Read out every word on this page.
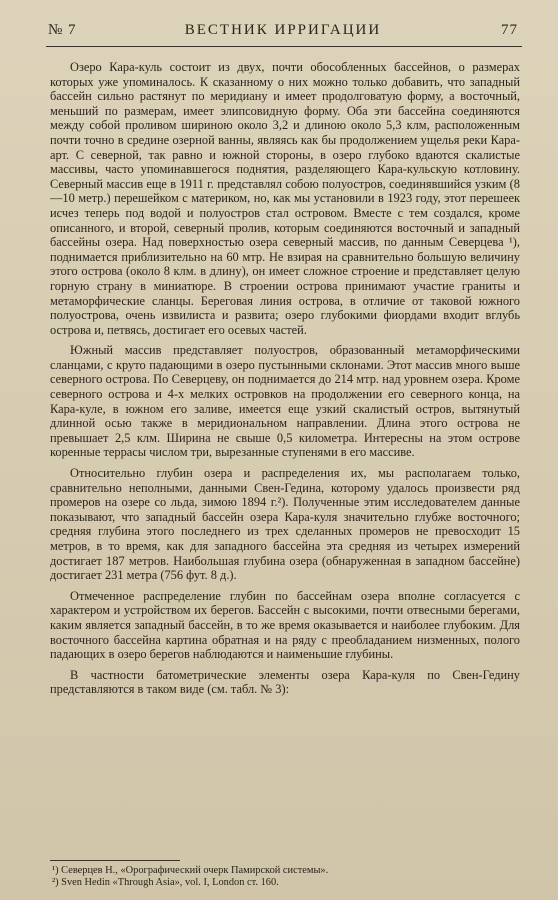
№ 7	ВЕСТНИК ИРРИГАЦИИ	77

Озеро Кара-куль состоит из двух, почти обособленных бассейнов, о размерах которых уже упоминалось. К сказанному о них можно только добавить, что западный бассейн сильно растянут по меридиану и имеет продолговатую форму, а восточный, меньший по размерам, имеет элипсовидную форму. Оба эти бассейна соединяются между собой проливом шириною около 3,2 и длиною около 5,3 клм, расположенным почти точно в средине озерной ванны, являясь как бы продолжением ущелья реки Кара-арт. С северной, так равно и южной стороны, в озеро глубоко вдаются скалистые массивы, часто упоминавшегося поднятия, разделяющего Кара-кульскую котловину. Северный массив еще в 1911 г. представлял собою полуостров, соединявшийся узким (8—10 метр.) перешейком с материком, но, как мы установили в 1923 году, этот перешеек исчез теперь под водой и полуостров стал островом. Вместе с тем создался, кроме описанного, и второй, северный пролив, которым соединяются восточный и западный бассейны озера. Над поверхностью озера северный массив, по данным Северцева ¹), поднимается приблизительно на 60 мтр. Не взирая на сравнительно большую величину этого острова (около 8 клм. в длину), он имеет сложное строение и представляет целую горную страну в миниатюре. В строении острова принимают участие граниты и метаморфические сланцы. Береговая линия острова, в отличие от таковой южного полуострова, очень извилиста и развита; озеро глубокими фиордами входит вглубь острова и, петвясь, достигает его осевых частей.

Южный массив представляет полуостров, образованный метаморфическими сланцами, с круто падающими в озеро пустынными склонами. Этот массив много выше северного острова. По Северцеву, он поднимается до 214 мтр. над уровнем озера. Кроме северного острова и 4-х мелких островков на продолжении его северного конца, на Кара-куле, в южном его заливе, имеется еще узкий скалистый остров, вытянутый длинной осью также в меридиональном направлении. Длина этого острова не превышает 2,5 клм. Ширина не свыше 0,5 километра. Интересны на этом острове коренные террасы числом три, вырезанные ступенями в его массиве.

Относительно глубин озера и распределения их, мы располагаем только, сравнительно неполными, данными Свен-Гедина, которому удалось произвести ряд промеров на озере со льда, зимою 1894 г.²). Полученные этим исследователем данные показывают, что западный бассейн озера Кара-куля значительно глубже восточного; средняя глубина этого последнего из трех сделанных промеров не превосходит 15 метров, в то время, как для западного бассейна эта средняя из четырех измерений достигает 187 метров. Наибольшая глубина озера (обнаруженная в западном бассейне) достигает 231 метра (756 фут. 8 д.).

Отмеченное распределение глубин по бассейнам озера вполне согласуется с характером и устройством их берегов. Бассейн с высокими, почти отвесными берегами, каким является западный бассейн, в то же время оказывается и наиболее глубоким. Для восточного бассейна картина обратная и на ряду с преобладанием низменных, полого падающих в озеро берегов наблюдаются и наименьшие глубины.

В частности батометрические элементы озера Кара-куля по Свен-Гедину представляются в таком виде (см. табл. № 3):

¹) Северцев Н., «Орографический очерк Памирской системы».
²) Sven Hedin «Through Asia», vol. I, London ст. 160.
